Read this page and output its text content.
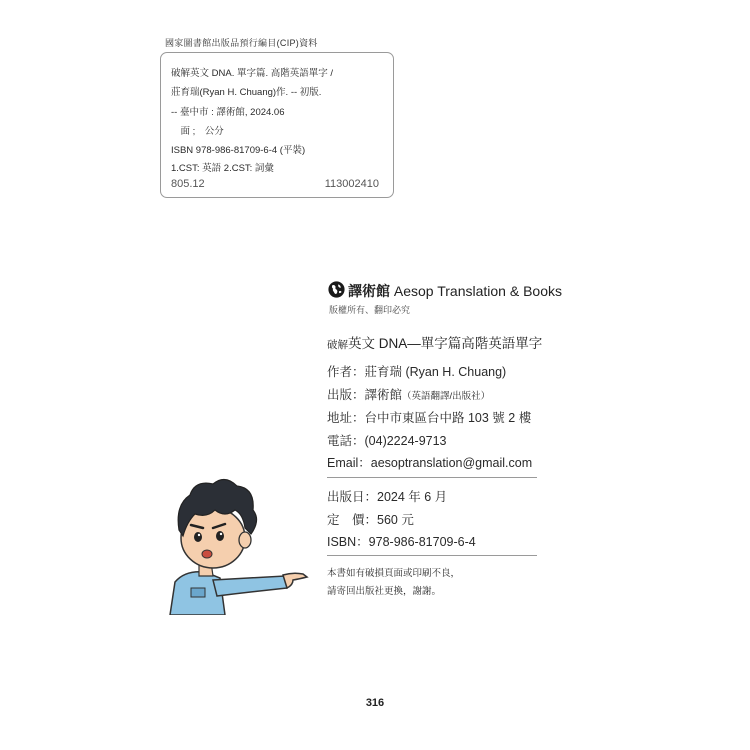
國家圖書館出版品預行編目(CIP)資料
破解英文 DNA. 單字篇. 高階英語單字 /
莊育瑞(Ryan H. Chuang)作. -- 初版.
-- 臺中市 : 譯術館, 2024.06
　面 ;　公分
ISBN 978-986-81709-6-4 (平裝)
1.CST: 英語 2.CST: 詞彙
805.12	113002410
譯術館 Aesop Translation & Books
版權所有、翻印必究
破解英文 DNA—單字篇高階英語單字
作者：莊育瑞 (Ryan H. Chuang)
出版：譯術館（英語翻譯/出版社）
地址：台中市東區台中路 103 號 2 樓
電話：(04)2224-9713
Email：aesoptranslation@gmail.com
出版日：2024 年 6 月
定　價：560 元
ISBN：978-986-81709-6-4
本書如有破損頁面或印刷不良，
請寄回出版社更換，謝謝。
316
